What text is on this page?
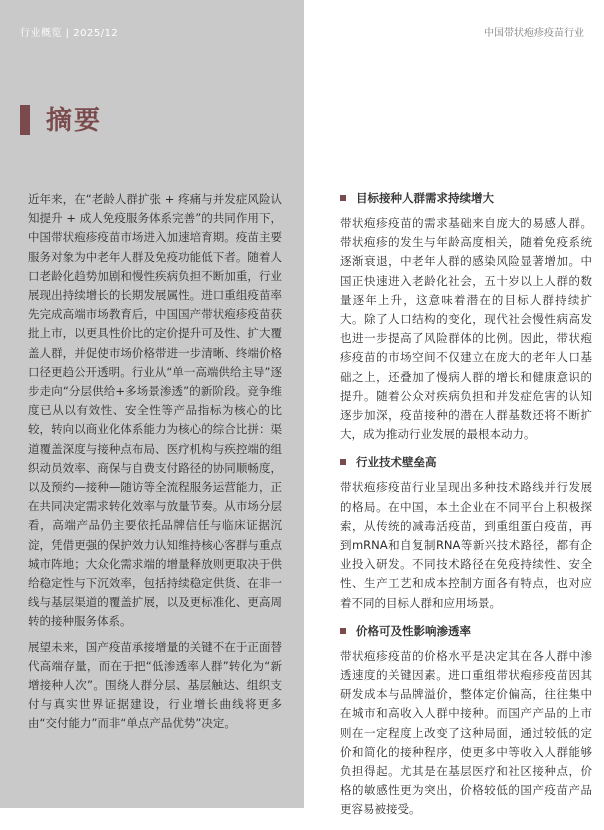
行业概览 | 2025/12	中国带状疱疹疫苗行业
摘要

近年来，在“老龄人群扩张 + 疼痛与并发症风险认知提升 + 成人免疫服务体系完善”的共同作用下，中国带状疱疹疫苗市场进入加速培育期。疫苗主要服务对象为中老年人群及免疫功能低下者。随着人口老龄化趋势加剧和慢性疾病负担不断加重，行业展现出持续增长的长期发展属性。进口重组疫苗率先完成高端市场教育后，中国国产带状疱疹疫苗获批上市，以更具性价比的定价提升可及性、扩大覆盖人群，并促使市场价格带进一步清晰、终端价格口径更趋公开透明。行业从“单一高端供给主导”逐步走向“分层供给+多场景渗透”的新阶段。竞争维度已从以有效性、安全性等产品指标为核心的比较，转向以商业化体系能力为核心的综合比拼：渠道覆盖深度与接种点布局、医疗机构与疾控端的组织动员效率、商保与自费支付路径的协同顺畅度，以及预约—接种—随访等全流程服务运营能力，正在共同决定需求转化效率与放量节奏。从市场分层看，高端产品仍主要依托品牌信任与临床证据沉淀，凭借更强的保护效力认知维持核心客群与重点城市阵地；大众化需求端的增量释放则更取决于供给稳定性与下沉效率，包括持续稳定供货、在非一线与基层渠道的覆盖扩展，以及更标准化、更高周转的接种服务体系。

展望未来，国产疫苗承接增量的关键不在于正面替代高端存量，而在于把“低渗透率人群”转化为“新增接种人次”。围绕人群分层、基层触达、组织支付与真实世界证据建设，行业增长曲线将更多由“交付能力”而非“单点产品优势”决定。

目标接种人群需求持续增大

带状疱疹疫苗的需求基础来自庞大的易感人群。带状疱疹的发生与年龄高度相关，随着免疫系统逐渐衰退，中老年人群的感染风险显著增加。中国正快速进入老龄化社会，五十岁以上人群的数量逐年上升，这意味着潜在的目标人群持续扩大。除了人口结构的变化，现代社会慢性病高发也进一步提高了风险群体的比例。因此，带状疱疹疫苗的市场空间不仅建立在庞大的老年人口基础之上，还叠加了慢病人群的增长和健康意识的提升。随着公众对疾病负担和并发症危害的认知逐步加深，疫苗接种的潜在人群基数还将不断扩大，成为推动行业发展的最根本动力。

行业技术壁垒高

带状疱疹疫苗行业呈现出多种技术路线并行发展的格局。在中国，本土企业在不同平台上积极探索，从传统的减毒活疫苗，到重组蛋白疫苗，再到mRNA和自复制RNA等新兴技术路径，都有企业投入研发。不同技术路径在免疫持续性、安全性、生产工艺和成本控制方面各有特点，也对应着不同的目标人群和应用场景。

价格可及性影响渗透率

带状疱疹疫苗的价格水平是决定其在各人群中渗透速度的关键因素。进口重组带状疱疹疫苗因其研发成本与品牌溢价，整体定价偏高，往往集中在城市和高收入人群中接种。而国产产品的上市则在一定程度上改变了这种局面，通过较低的定价和简化的接种程序，使更多中等收入人群能够负担得起。尤其是在基层医疗和社区接种点，价格的敏感性更为突出，价格较低的国产疫苗产品更容易被接受。
